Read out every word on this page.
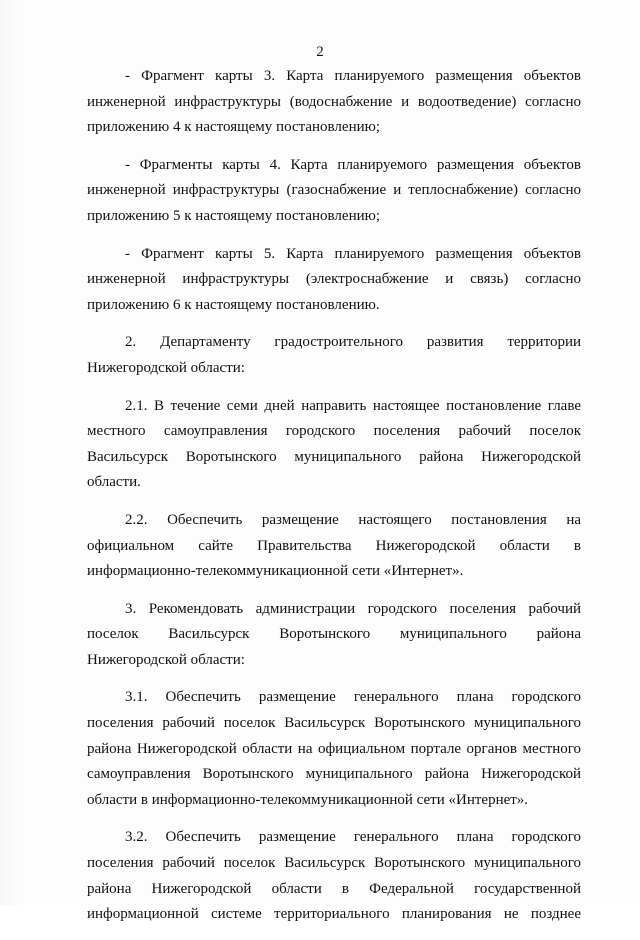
2

- Фрагмент карты 3. Карта планируемого размещения объектов
инженерной инфраструктуры (водоснабжение и водоотведение) согласно
приложению 4 к настоящему постановлению;

- Фрагменты карты 4. Карта планируемого размещения объектов
инженерной инфраструктуры (газоснабжение и теплоснабжение) согласно
приложению 5 к настоящему постановлению;

- Фрагмент карты 5. Карта планируемого размещения объектов
инженерной инфраструктуры (электроснабжение и связь) согласно
приложению 6 к настоящему постановлению.

2. Департаменту градостроительного развития территории
Нижегородской области:

2.1. В течение семи дней направить настоящее постановление главе
местного самоуправления городского поселения рабочий поселок
Васильсурск Воротынского муниципального района Нижегородской
области.

2.2. Обеспечить размещение настоящего постановления на
официальном сайте Правительства Нижегородской области в
информационно-телекоммуникационной сети «Интернет».

3. Рекомендовать администрации городского поселения рабочий
поселок Васильсурск Воротынского муниципального района
Нижегородской области:

3.1. Обеспечить размещение генерального плана городского
поселения рабочий поселок Васильсурск Воротынского муниципального
района Нижегородской области на официальном портале органов местного
самоуправления Воротынского муниципального района Нижегородской
области в информационно-телекоммуникационной сети «Интернет».

3.2. Обеспечить размещение генерального плана городского
поселения рабочий поселок Васильсурск Воротынского муниципального
района Нижегородской области в Федеральной государственной
информационной системе территориального планирования не позднее
